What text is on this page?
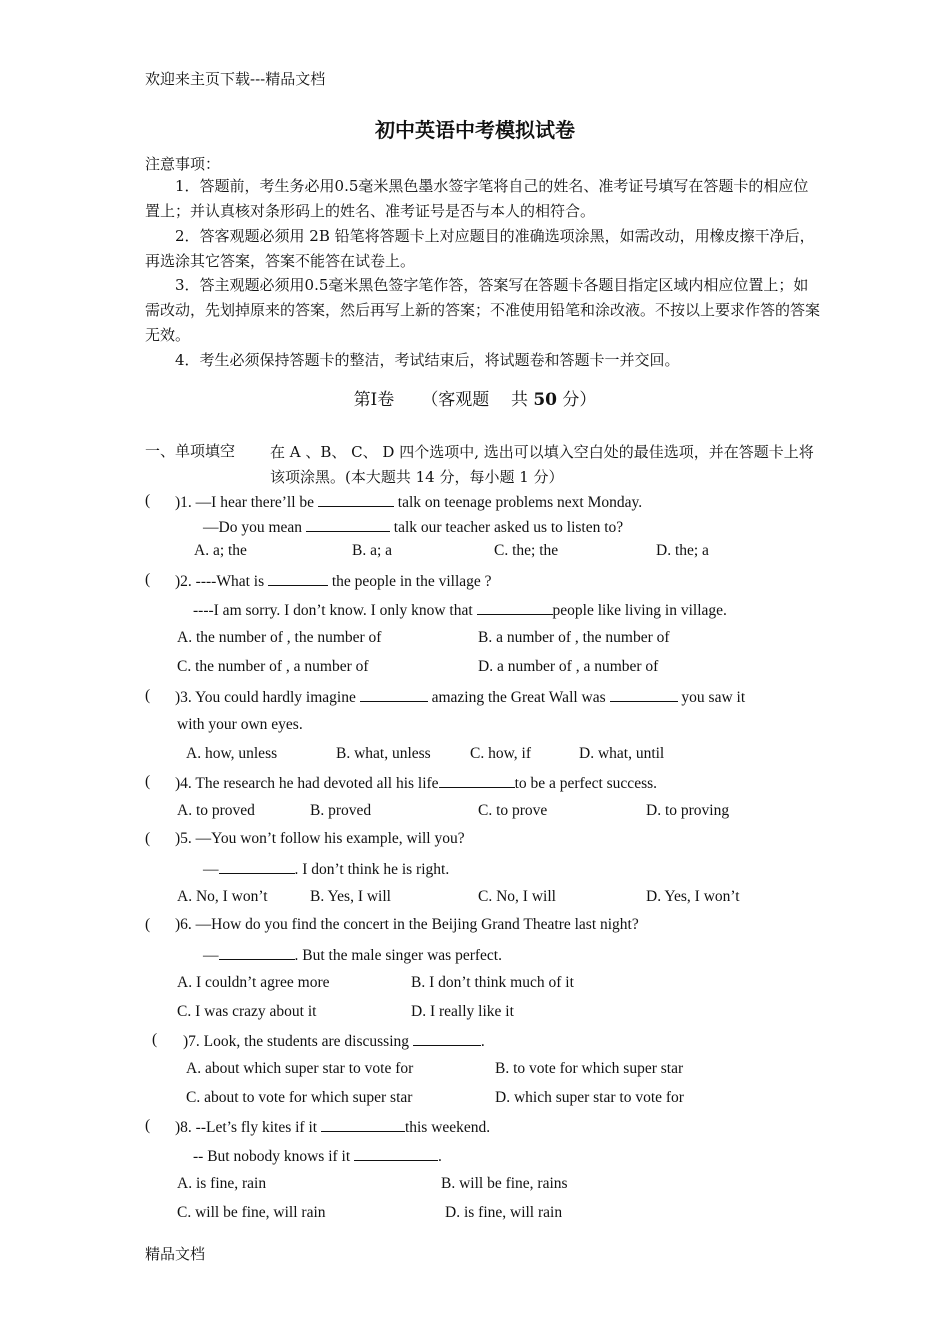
欢迎来主页下载---精品文档
初中英语中考模拟试卷
注意事项：
1．答题前，考生务必用0.5毫米黑色墨水签字笔将自己的姓名、准考证号填写在答题卡的相应位置上；并认真核对条形码上的姓名、准考证号是否与本人的相符合。
2．答客观题必须用 2B 铅笔将答题卡上对应题目的准确选项涂黑，如需改动，用橡皮擦干净后，再选涂其它答案，答案不能答在试卷上。
3．答主观题必须用0.5毫米黑色签字笔作答，答案写在答题卡各题目指定区域内相应位置上；如需改动，先划掉原来的答案，然后再写上新的答案；不准使用铅笔和涂改液。不按以上要求作答的答案无效。
4．考生必须保持答题卡的整洁，考试结束后，将试题卷和答题卡一并交回。
第Ⅰ卷 （客观题 共 50 分）
一、单项填空 在 A 、B、 C、 D 四个选项中, 选出可以填入空白处的最佳选项，并在答题卡上将该项涂黑。(本大题共 14 分，每小题 1 分）
( )1. —I hear there’ll be	talk on teenage problems next Monday.
—Do you mean	talk our teacher asked us to listen to?
A. a; the	B. a; a	C. the; the	D. the; a
( )2. ----What is	the people in the village ?
----I am sorry. I don’t know. I only know that	people like living in village.
A. the number of , the number of	B. a number of , the number of
C. the number of , a number of	D. a number of , a number of
( )3. You could hardly imagine	amazing the Great Wall was	you saw it
with your own eyes.
A. how, unless	B. what, unless	C. how, if	D. what, until
( )4. The research he had devoted all his life	to be a perfect success.
A. to proved	B. proved	C. to prove	D. to proving
( )5. —You won’t follow his example, will you?
—	. I don’t think he is right.
A. No, I won’t	B. Yes, I will	C. No, I will	D. Yes, I won’t
( )6. —How do you find the concert in the Beijing Grand Theatre last night?
—	. But the male singer was perfect.
A. I couldn’t agree more	B. I don’t think much of it
C. I was crazy about it	D. I really like it
( )7. Look, the students are discussing	.
A. about which super star to vote for	B. to vote for which super star
C. about to vote for which super star	D. which super star to vote for
( )8. --Let’s fly kites if it	this weekend.
-- But nobody knows if it	.
A. is fine, rain	B. will be fine, rains
C. will be fine, will rain	D. is fine, will rain
精品文档
